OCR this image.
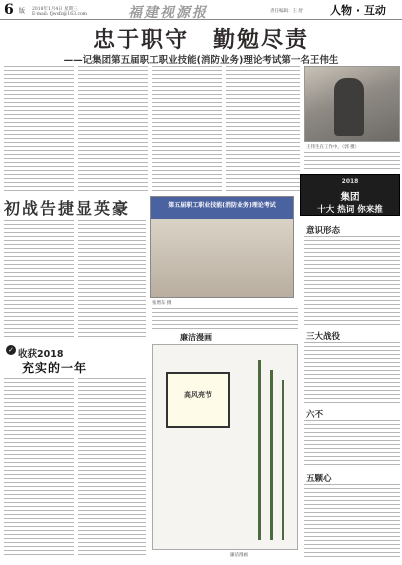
6 版 2018年1月4日 星期三
E-mail: fjwsfz@163.com	福建视源报	责任编辑：王 舒 人物 · 互动
忠于职守　勤勉尽责
——记集团第五届职工职业技能(消防业务)理论考试第一名王伟生
王伟生在工作中。（郭 摄）
2018
集团
十大 热词 你来推
初战告捷显英豪	第五届职工职业技能(消防业务)理论考试
张增东 摄
意识形态
三大战役
六不
五颗心
✓ 收获2018
充实的一年
廉洁漫画
高风亮节
廉洁漫画
